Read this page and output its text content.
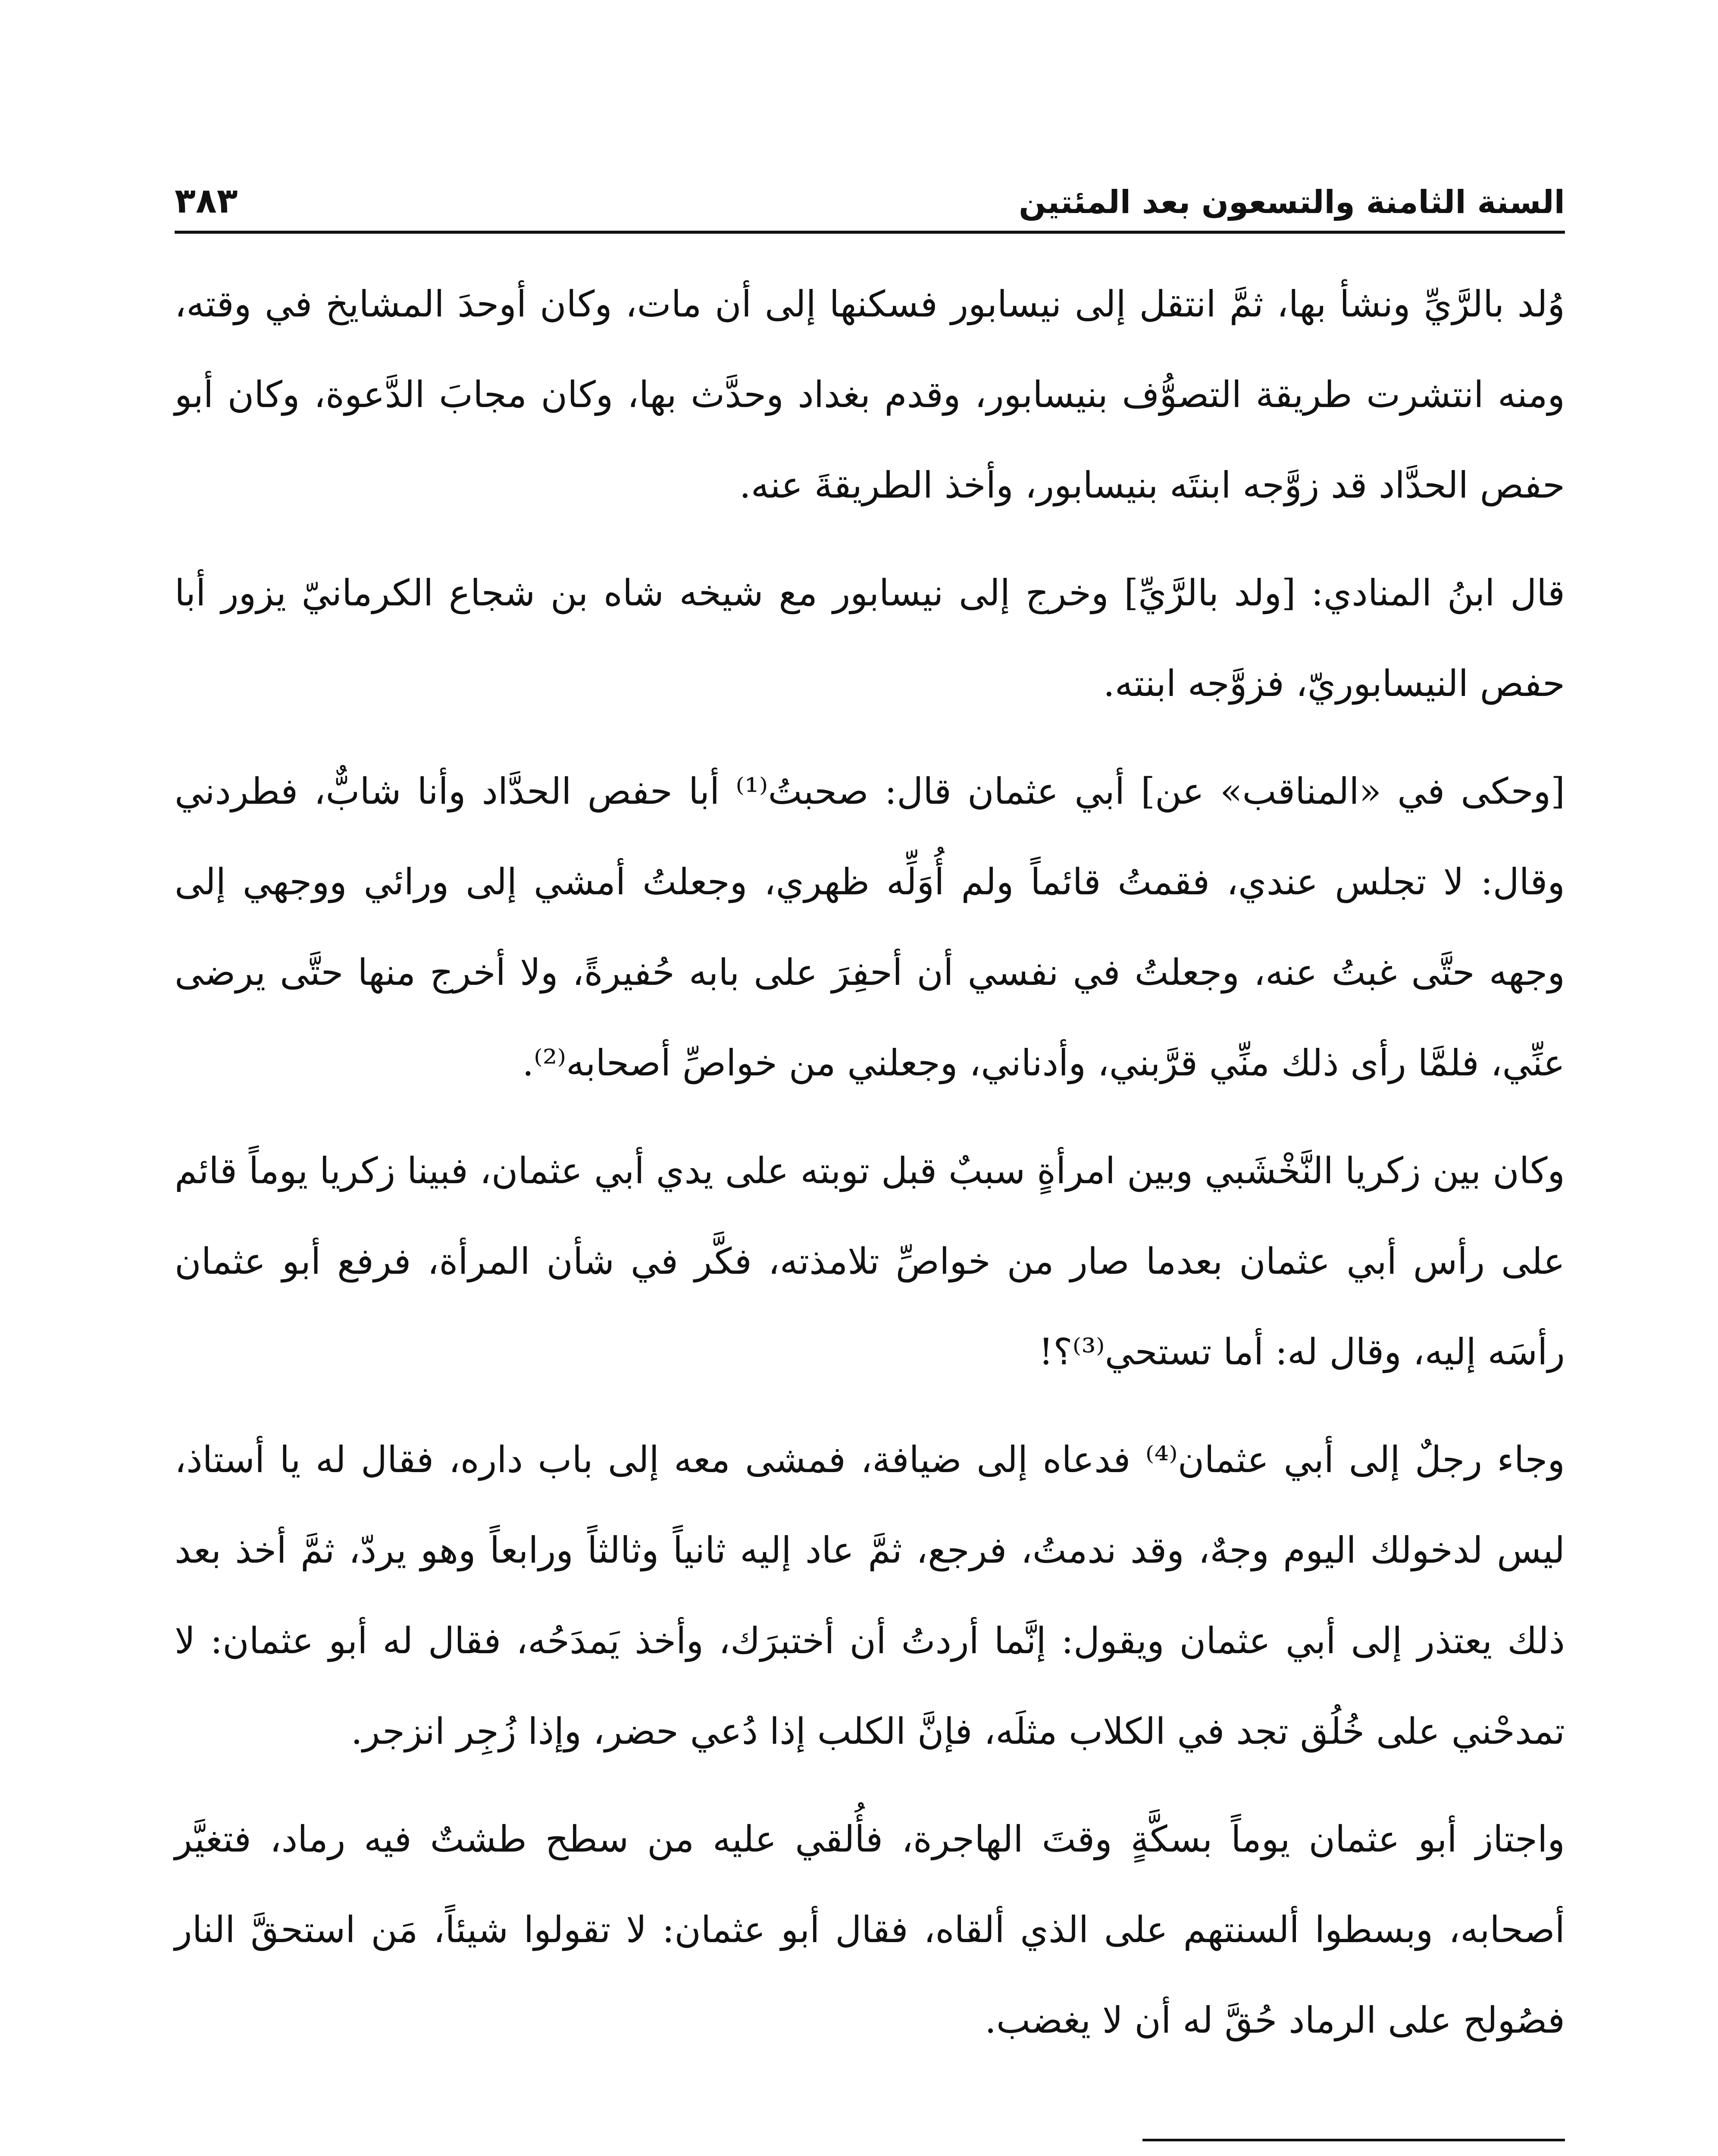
السنة الثامنة والتسعون بعد المئتين
٣٨٣

وُلد بالرَّيِّ ونشأ بها، ثمَّ انتقل إلى نيسابور فسكنها إلى أن مات، وكان أوحدَ المشايخ في وقته، ومنه انتشرت طريقة التصوُّف بنيسابور، وقدم بغداد وحدَّث بها، وكان مجابَ الدَّعوة، وكان أبو حفص الحدَّاد قد زوَّجه ابنتَه بنيسابور، وأخذ الطريقةَ عنه.

قال ابنُ المنادي: [ولد بالرَّيِّ] وخرج إلى نيسابور مع شيخه شاه بن شجاع الكرمانيّ يزور أبا حفص النيسابوريّ، فزوَّجه ابنته.

[وحكى في «المناقب» عن] أبي عثمان قال: صحبتُ⁽¹⁾ أبا حفص الحدَّاد وأنا شابٌّ، فطردني وقال: لا تجلس عندي، فقمتُ قائماً ولم أُوَلِّه ظهري، وجعلتُ أمشي إلى ورائي ووجهي إلى وجهه حتَّى غبتُ عنه، وجعلتُ في نفسي أن أحفِرَ على بابه حُفيرةً، ولا أخرج منها حتَّى يرضى عنِّي، فلمَّا رأى ذلك منِّي قرَّبني، وأدناني، وجعلني من خواصِّ أصحابه⁽²⁾.

وكان بين زكريا النَّخْشَبي وبين امرأةٍ سببٌ قبل توبته على يدي أبي عثمان، فبينا زكريا يوماً قائم على رأس أبي عثمان بعدما صار من خواصِّ تلامذته، فكَّر في شأن المرأة، فرفع أبو عثمان رأسَه إليه، وقال له: أما تستحي⁽³⁾؟!

وجاء رجلٌ إلى أبي عثمان⁽⁴⁾ فدعاه إلى ضيافة، فمشى معه إلى باب داره، فقال له يا أستاذ، ليس لدخولك اليوم وجهٌ، وقد ندمتُ، فرجع، ثمَّ عاد إليه ثانياً وثالثاً ورابعاً وهو يردّ، ثمَّ أخذ بعد ذلك يعتذر إلى أبي عثمان ويقول: إنَّما أردتُ أن أختبرَك، وأخذ يَمدَحُه، فقال له أبو عثمان: لا تمدحْني على خُلُق تجد في الكلاب مثلَه، فإنَّ الكلب إذا دُعي حضر، وإذا زُجِر انزجر.

واجتاز أبو عثمان يوماً بسكَّةٍ وقتَ الهاجرة، فأُلقي عليه من سطح طشتٌ فيه رماد، فتغيَّر أصحابه، وبسطوا ألسنتهم على الذي ألقاه، فقال أبو عثمان: لا تقولوا شيئاً، مَن استحقَّ النار فصُولح على الرماد حُقَّ له أن لا يغضب.
